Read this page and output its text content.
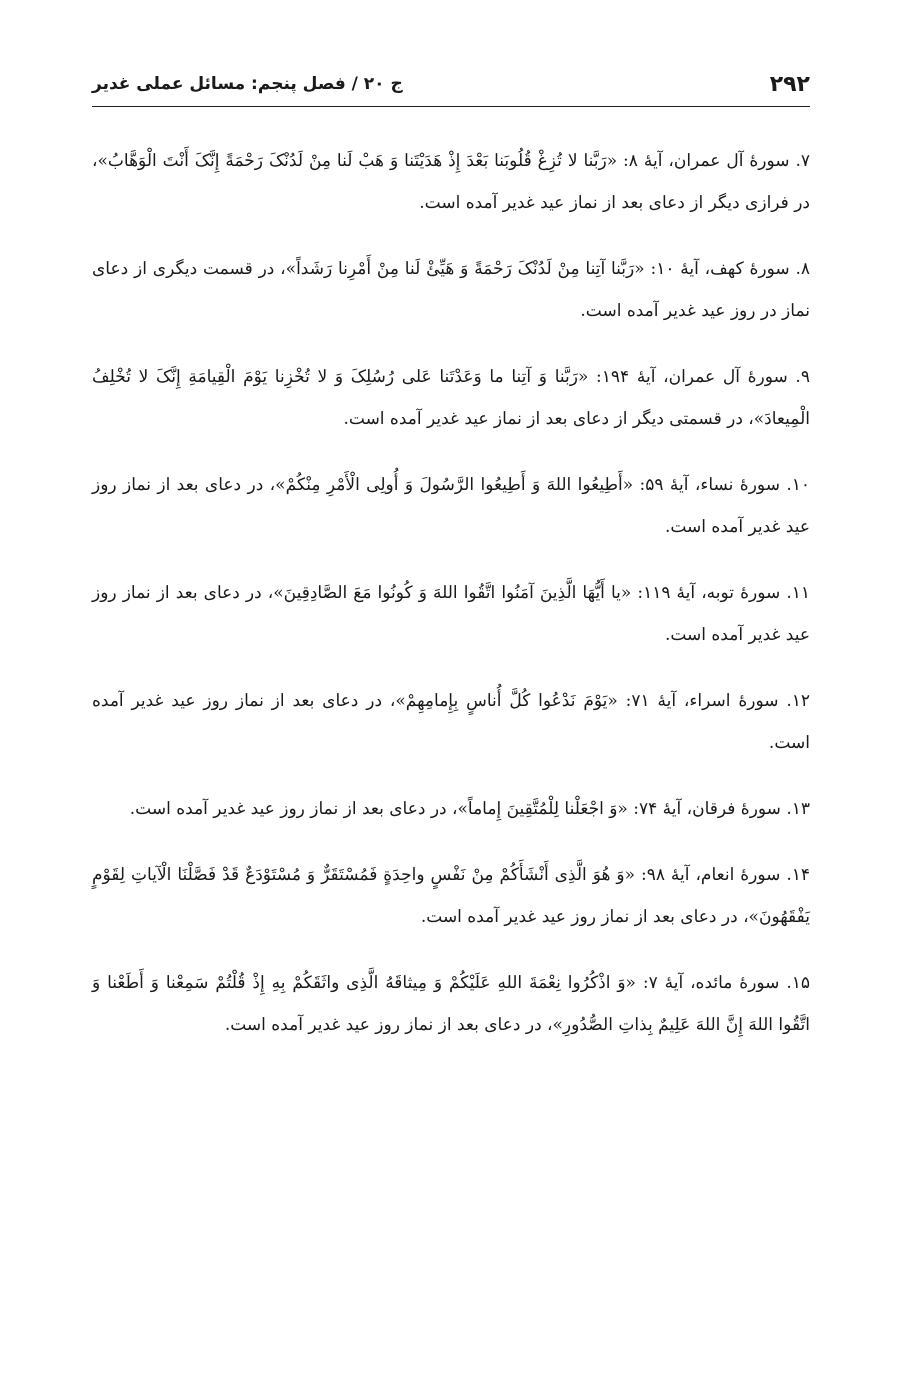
۲۹۲
ج ۲۰ / فصل پنجم: مسائل عملی غدیر

۷. سورۀ آل عمران، آیۀ ۸: «رَبَّنا لا تُزِغْ قُلُوبَنا بَعْدَ إِذْ هَدَیْتَنا وَ هَبْ لَنا مِنْ لَدُنْکَ رَحْمَةً إِنَّکَ أَنْتَ الْوَهَّابُ»، در فرازی دیگر از دعای بعد از نماز عید غدیر آمده است.

۸. سورۀ کهف، آیۀ ۱۰: «رَبَّنا آتِنا مِنْ لَدُنْکَ رَحْمَةً وَ هَیِّئْ لَنا مِنْ أَمْرِنا رَشَداً»، در قسمت دیگری از دعای نماز در روز عید غدیر آمده است.

۹. سورۀ آل عمران، آیۀ ۱۹۴: «رَبَّنا وَ آتِنا ما وَعَدْتَنا عَلی رُسُلِکَ وَ لا تُخْزِنا یَوْمَ الْقِیامَةِ إِنَّکَ لا تُخْلِفُ الْمِیعادَ»، در قسمتی دیگر از دعای بعد از نماز عید غدیر آمده است.

۱۰. سورۀ نساء، آیۀ ۵۹: «أَطِیعُوا اللهَ وَ أَطِیعُوا الرَّسُولَ وَ أُولِی الْأَمْرِ مِنْکُمْ»، در دعای بعد از نماز روز عید غدیر آمده است.

۱۱. سورۀ توبه، آیۀ ۱۱۹: «یا أَیُّهَا الَّذِینَ آمَنُوا اتَّقُوا اللهَ وَ کُونُوا مَعَ الصَّادِقِینَ»، در دعای بعد از نماز روز عید غدیر آمده است.

۱۲. سورۀ اسراء، آیۀ ۷۱: «یَوْمَ نَدْعُوا کُلَّ أُناسٍ بِإِمامِهِمْ»، در دعای بعد از نماز روز عید غدیر آمده است.

۱۳. سورۀ فرقان، آیۀ ۷۴: «وَ اجْعَلْنا لِلْمُتَّقِینَ إِماماً»، در دعای بعد از نماز روز عید غدیر آمده است.

۱۴. سورۀ انعام، آیۀ ۹۸: «وَ هُوَ الَّذِی أَنْشَأَکُمْ مِنْ نَفْسٍ واحِدَةٍ فَمُسْتَقَرٌّ وَ مُسْتَوْدَعٌ قَدْ فَصَّلْنَا الْآیاتِ لِقَوْمٍ یَفْقَهُونَ»، در دعای بعد از نماز روز عید غدیر آمده است.

۱۵. سورۀ مائده، آیۀ ۷: «وَ اذْکُرُوا نِعْمَةَ اللهِ عَلَیْکُمْ وَ مِیثاقَهُ الَّذِی واثَقَکُمْ بِهِ إِذْ قُلْتُمْ سَمِعْنا وَ أَطَعْنا وَ اتَّقُوا اللهَ إِنَّ اللهَ عَلِیمٌ بِذاتِ الصُّدُورِ»، در دعای بعد از نماز روز عید غدیر آمده است.
